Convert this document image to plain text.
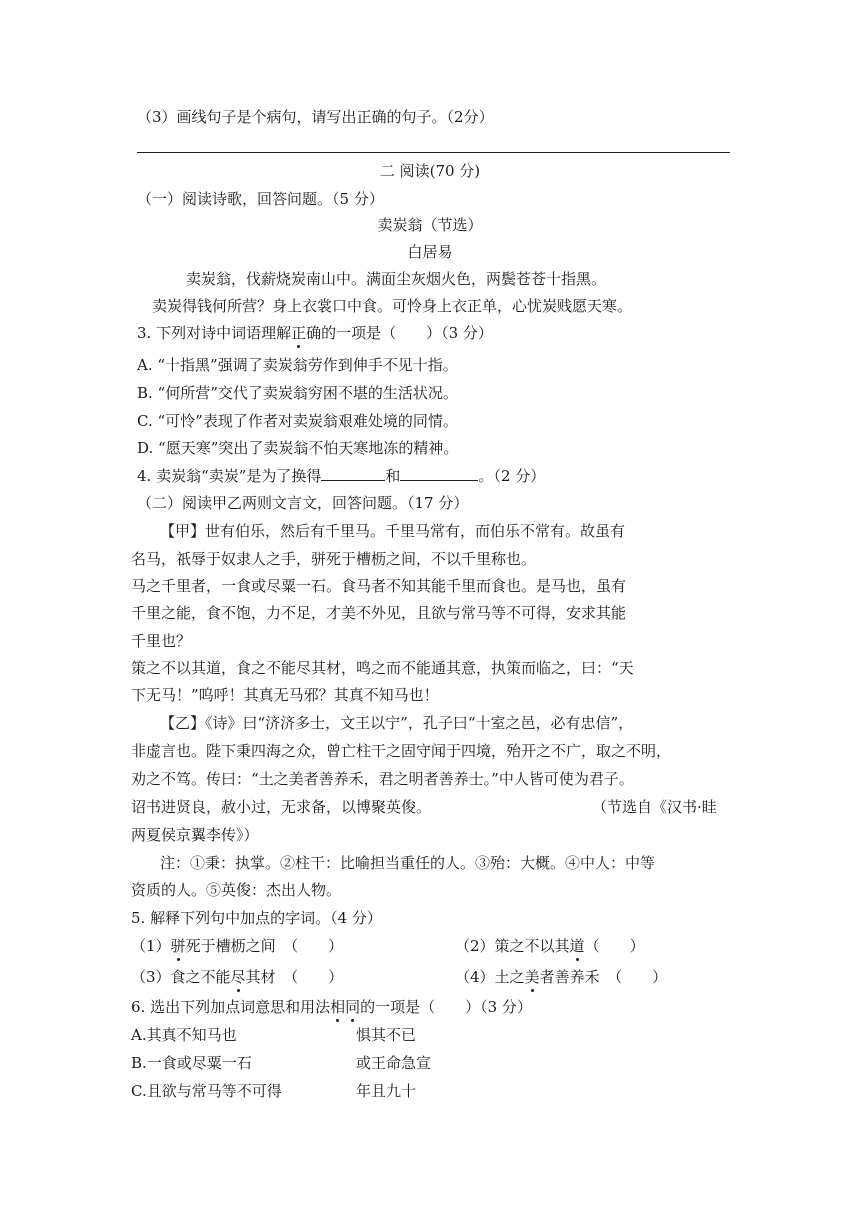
（3）画线句子是个病句，请写出正确的句子。（2分）
二 阅读(70 分)
（一）阅读诗歌，回答问题。（5 分）
卖炭翁（节选）
白居易
卖炭翁，伐薪烧炭南山中。满面尘灰烟火色，两鬓苍苍十指黑。
卖炭得钱何所营？身上衣裳口中食。可怜身上衣正单，心忧炭贱愿天寒。
3. 下列对诗中词语理解正确的一项是（　　）（3 分）
A. “十指黑”强调了卖炭翁劳作到伸手不见十指。
B. “何所营”交代了卖炭翁穷困不堪的生活状况。
C. “可怜”表现了作者对卖炭翁艰难处境的同情。
D. “愿天寒”突出了卖炭翁不怕天寒地冻的精神。
4. 卖炭翁“卖炭”是为了换得	和	。（2 分）
（二）阅读甲乙两则文言文，回答问题。（17 分）
【甲】世有伯乐，然后有千里马。千里马常有，而伯乐不常有。故虽有
名马，祇辱于奴隶人之手，骈死于槽枥之间，不以千里称也。
马之千里者，一食或尽粟一石。食马者不知其能千里而食也。是马也，虽有
千里之能，食不饱，力不足，才美不外见，且欲与常马等不可得，安求其能
千里也？
策之不以其道，食之不能尽其材，鸣之而不能通其意，执策而临之，曰：“天
下无马！”呜呼！其真无马邪？其真不知马也！
【乙】《诗》曰“济济多士，文王以宁”，孔子曰“十室之邑，必有忠信”，
非虚言也。陛下秉四海之众，曾亡柱干之固守闻于四境，殆开之不广，取之不明，
劝之不笃。传曰：“土之美者善养禾，君之明者善养士。”中人皆可使为君子。
诏书进贤良，赦小过，无求备，以博聚英俊。	（节选自《汉书·眭
两夏侯京翼李传》）
注：①秉：执掌。②柱干：比喻担当重任的人。③殆：大概。④中人：中等
资质的人。⑤英俊：杰出人物。
5. 解释下列句中加点的字词。（4 分）
（1）骈死于槽枥之间　（　　）	（2）策之不以其道（　　）
（3）食之不能尽其材　（　　）	（4）土之美者善养禾　（　　）
6. 选出下列加点词意思和用法相同的一项是（　　）（3 分）
A.其真不知马也	惧其不已
B.一食或尽粟一石	或王命急宣
C.且欲与常马等不可得	年且九十
